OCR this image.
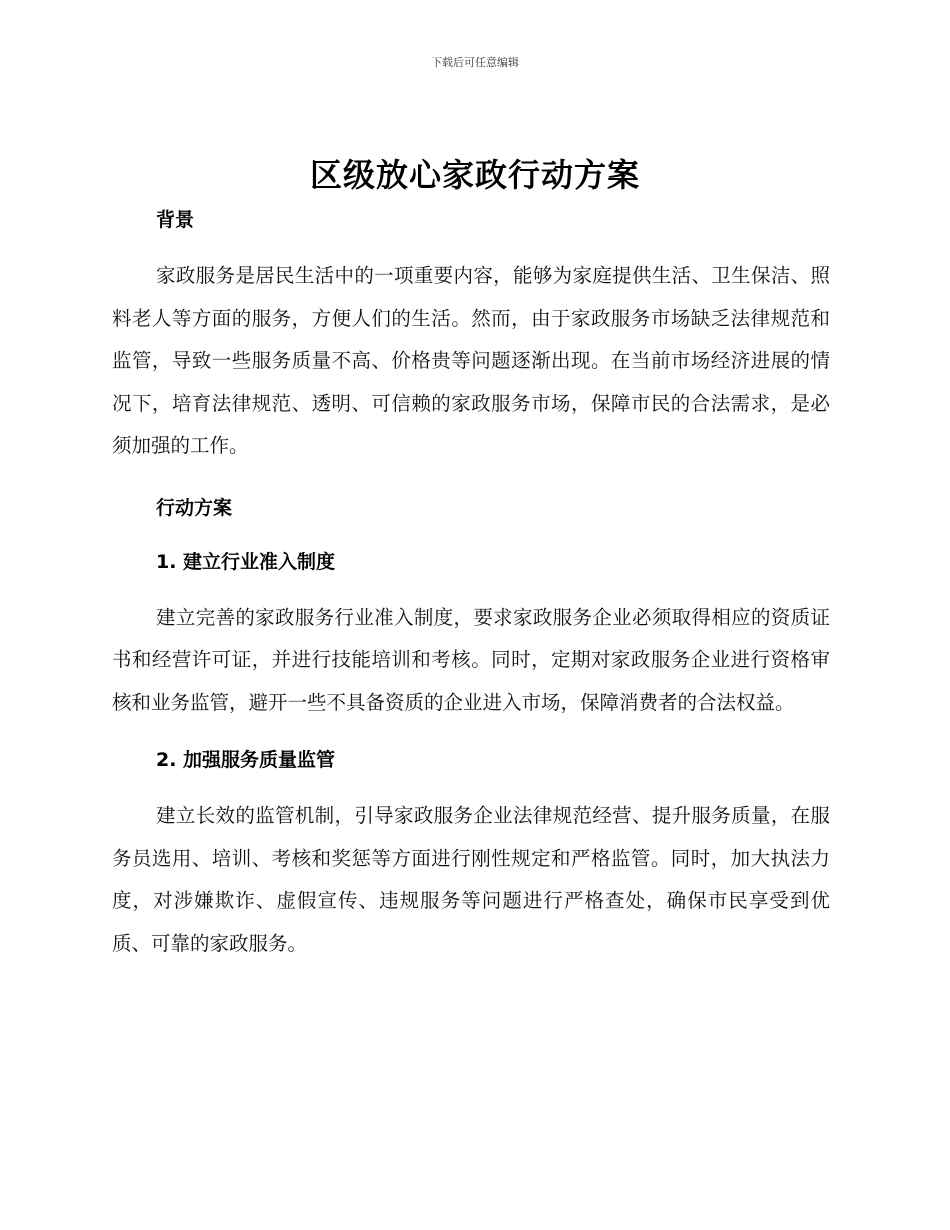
下载后可任意编辑
区级放心家政行动方案

背景

家政服务是居民生活中的一项重要内容，能够为家庭提供生活、卫生保洁、照料老人等方面的服务，方便人们的生活。然而，由于家政服务市场缺乏法律规范和监管，导致一些服务质量不高、价格贵等问题逐渐出现。在当前市场经济进展的情况下，培育法律规范、透明、可信赖的家政服务市场，保障市民的合法需求，是必须加强的工作。

行动方案

1. 建立行业准入制度

建立完善的家政服务行业准入制度，要求家政服务企业必须取得相应的资质证书和经营许可证，并进行技能培训和考核。同时，定期对家政服务企业进行资格审核和业务监管，避开一些不具备资质的企业进入市场，保障消费者的合法权益。

2. 加强服务质量监管

建立长效的监管机制，引导家政服务企业法律规范经营、提升服务质量，在服务员选用、培训、考核和奖惩等方面进行刚性规定和严格监管。同时，加大执法力度，对涉嫌欺诈、虚假宣传、违规服务等问题进行严格查处，确保市民享受到优质、可靠的家政服务。
